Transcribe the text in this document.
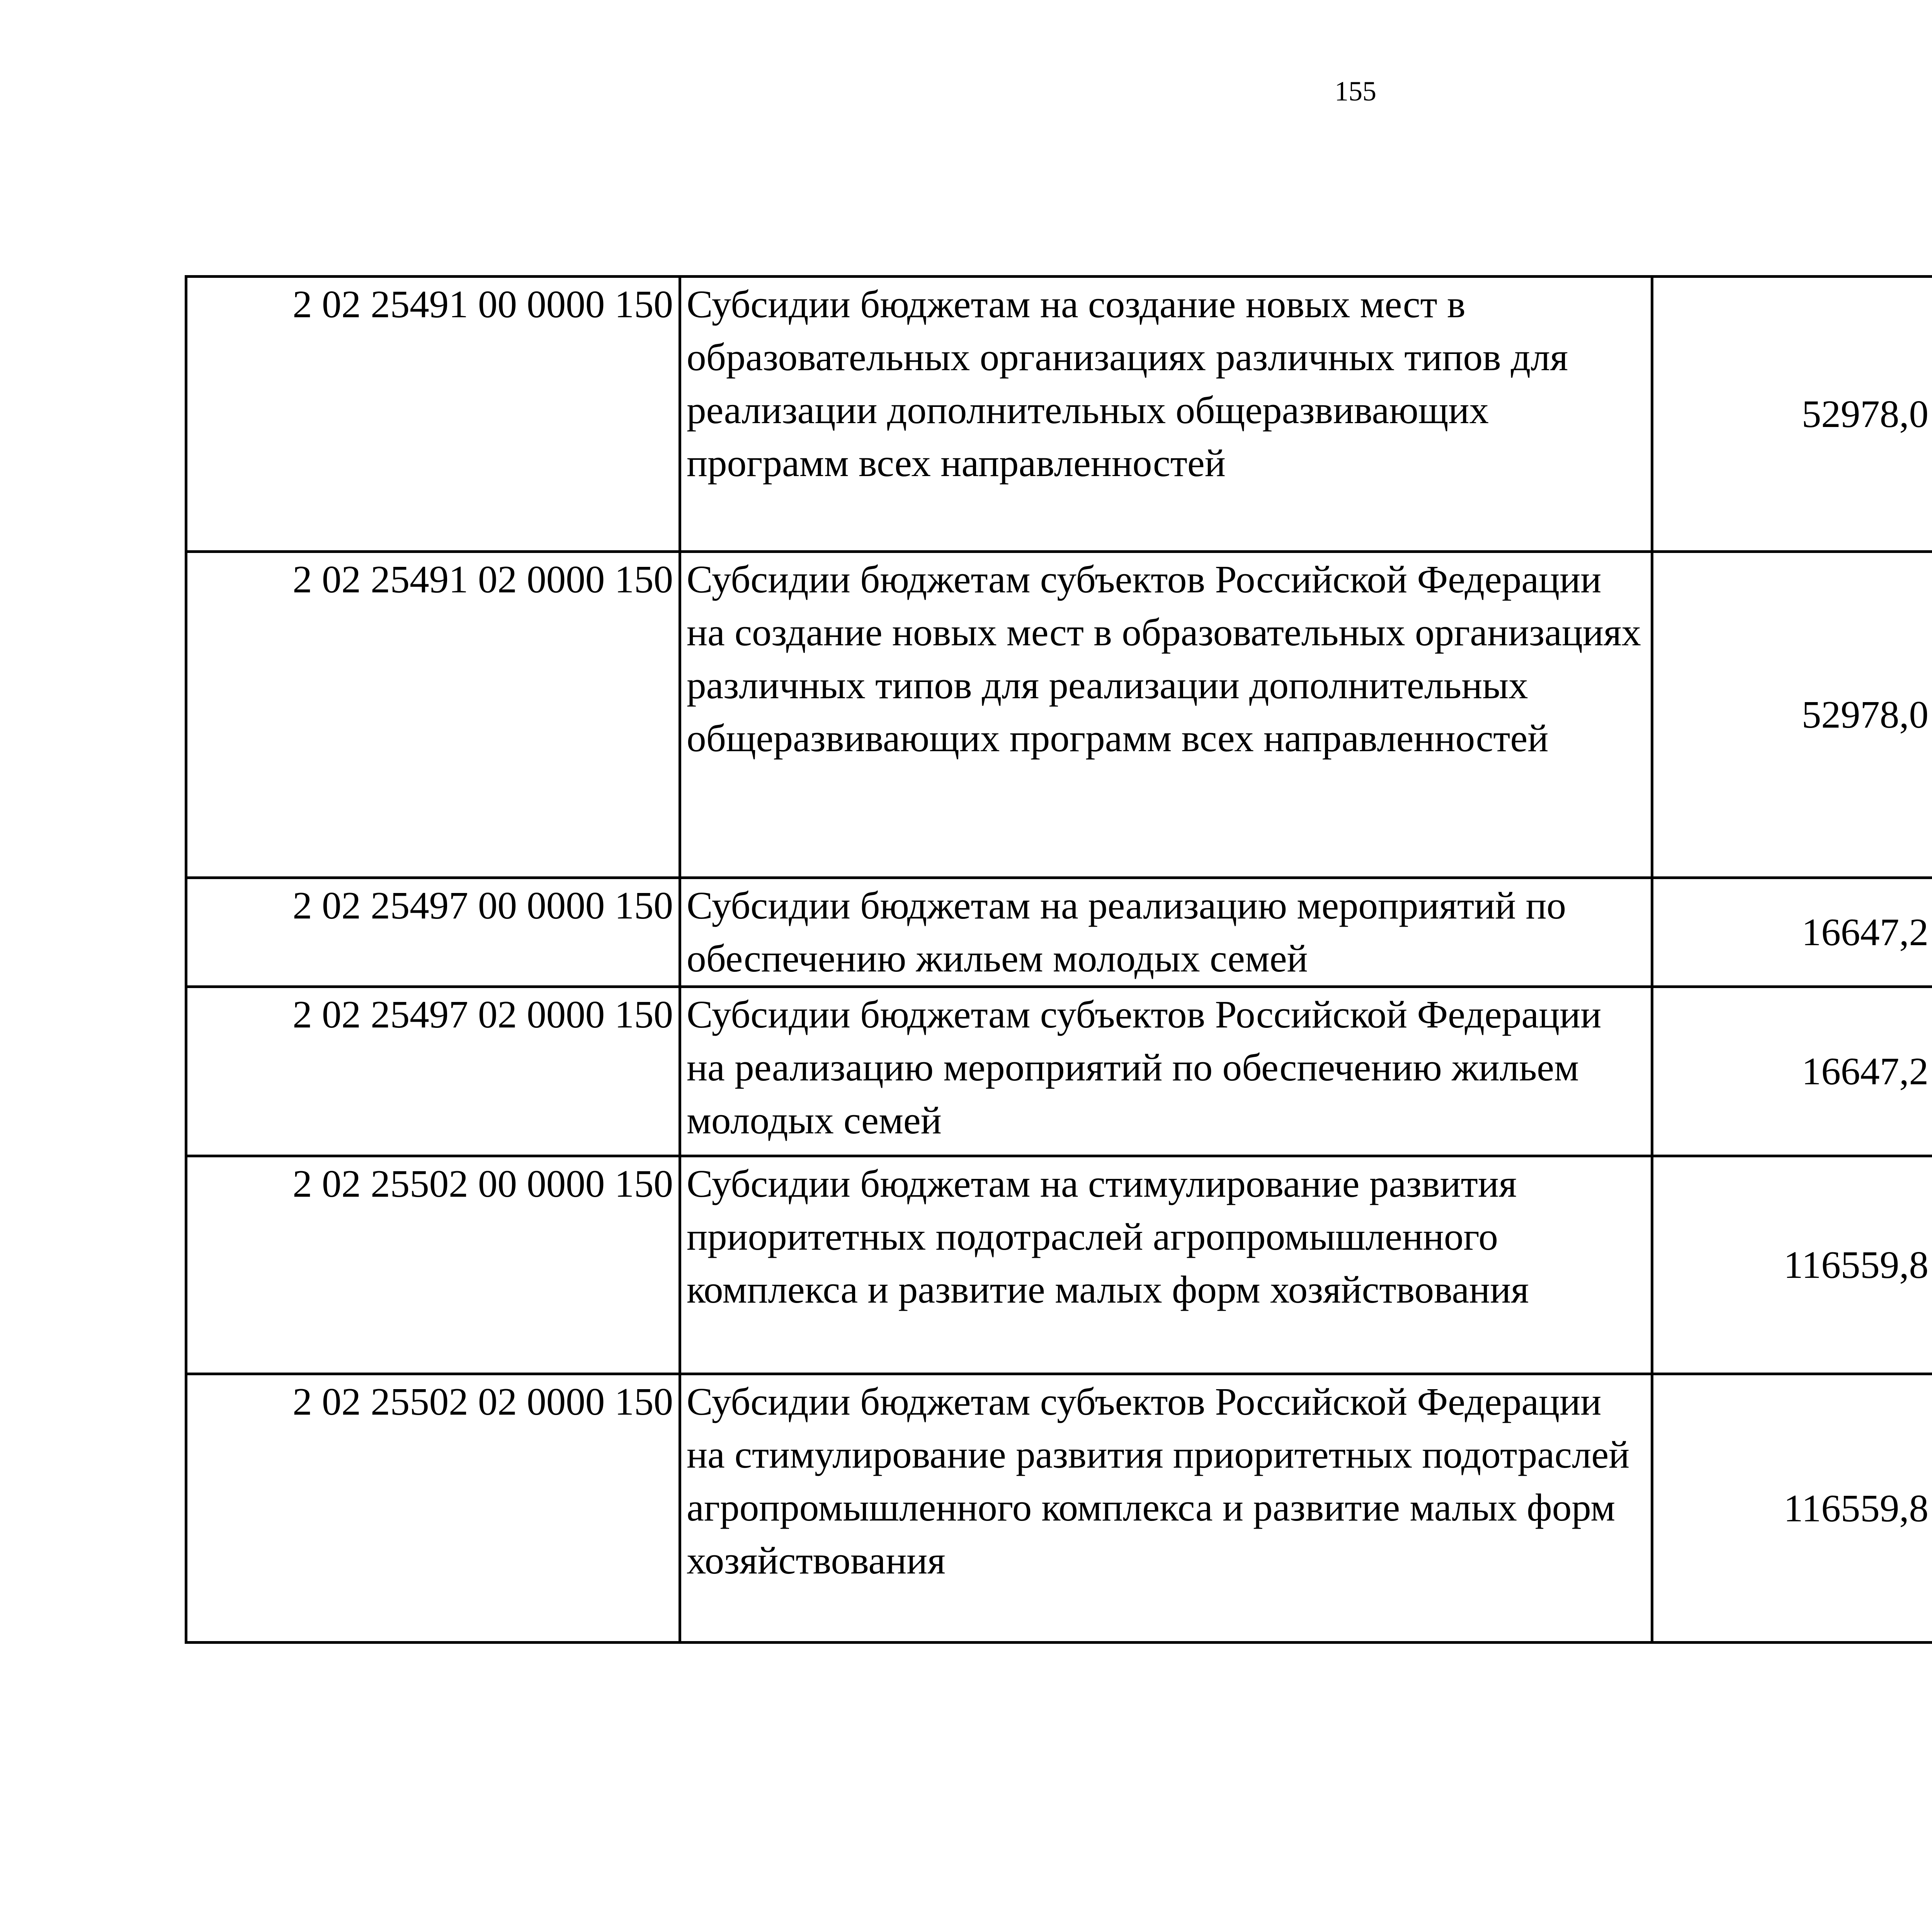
155
2 02 25491 00 0000 150	Субсидии бюджетам на создание новых мест в образовательных организациях различных типов для реализации дополнительных общеразвивающих программ всех направленностей	52978,0		
2 02 25491 02 0000 150	Субсидии бюджетам субъектов Российской Федерации на создание новых мест в образовательных организациях различных типов для реализации дополнительных общеразвивающих программ всех направленностей	52978,0		
2 02 25497 00 0000 150	Субсидии бюджетам на реализацию мероприятий по обеспечению жильем молодых семей	16647,2		
2 02 25497 02 0000 150	Субсидии бюджетам субъектов Российской Федерации на реализацию мероприятий по обеспечению жильем молодых семей	16647,2		
2 02 25502 00 0000 150	Субсидии бюджетам на стимулирование развития приоритетных подотраслей агропромышленного комплекса и развитие малых форм хозяйствования	116559,8		
2 02 25502 02 0000 150	Субсидии бюджетам субъектов Российской Федерации на стимулирование развития приоритетных подотраслей агропромышленного комплекса и развитие малых форм хозяйствования	116559,8		
